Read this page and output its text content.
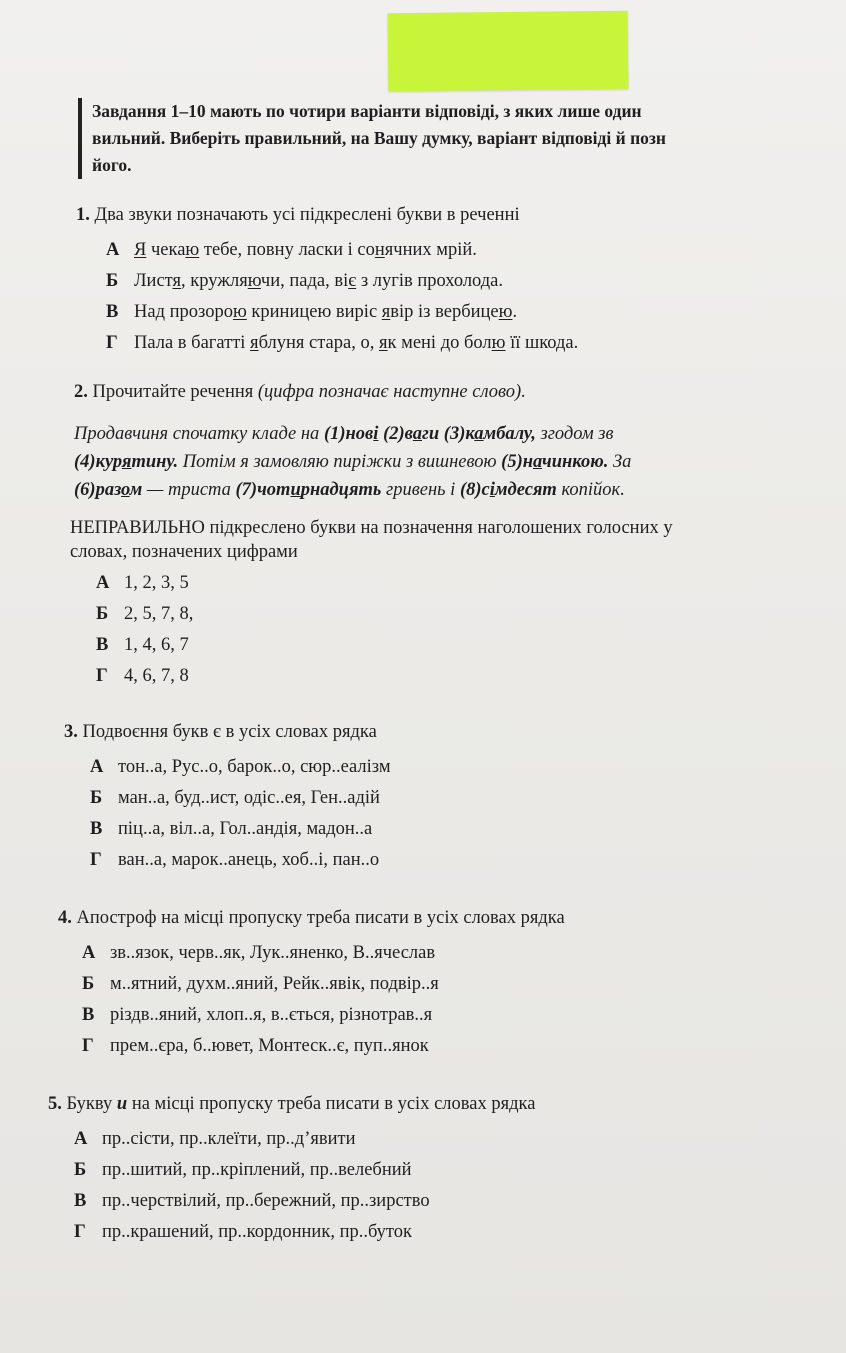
Завдання 1–10 мають по чотири варіанти відповіді, з яких лише один
вильний. Виберіть правильний, на Вашу думку, варіант відповіді й позн
його.
1. Два звуки позначають усі підкреслені букви в реченні
А Я чекаю тебе, повну ласки і сонячних мрій.
Б Листя, кружляючи, пада, віє з лугів прохолода.
В Над прозорою криницею виріс явір із вербицею.
Г Пала в багатті яблуня стара, о, як мені до болю її шкода.
2. Прочитайте речення (цифра позначає наступне слово).
Продавчиня спочатку кладе на (1)нові (2)ваги (3)камбалу, згодом зв
(4)курятину. Потім я замовляю пиріжки з вишневою (5)начинкою. За
(6)разом — триста (7)чотирнадцять гривень і (8)сімдесят копійок.
НЕПРАВИЛЬНО підкреслено букви на позначення наголошених голосних у
словах, позначених цифрами
А 1, 2, 3, 5
Б 2, 5, 7, 8,
В 1, 4, 6, 7
Г 4, 6, 7, 8
3. Подвоєння букв є в усіх словах рядка
А тон..а, Рус..о, барок..о, сюр..еалізм
Б ман..а, буд..ист, одіс..ея, Ген..адій
В піц..а, віл..а, Гол..андія, мадон..а
Г ван..а, марок..анець, хоб..і, пан..о
4. Апостроф на місці пропуску треба писати в усіх словах рядка
А зв..язок, черв..як, Лук..яненко, В..ячеслав
Б м..ятний, духм..яний, Рейк..явік, подвір..я
В різдв..яний, хлоп..я, в..ється, різнотрав..я
Г прем..єра, б..ювет, Монтеск..є, пуп..янок
5. Букву и на місці пропуску треба писати в усіх словах рядка
А пр..сісти, пр..клеїти, пр..д’явити
Б пр..шитий, пр..кріплений, пр..велебний
В пр..черствілий, пр..бережний, пр..зирство
Г пр..крашений, пр..кордонник, пр..буток
